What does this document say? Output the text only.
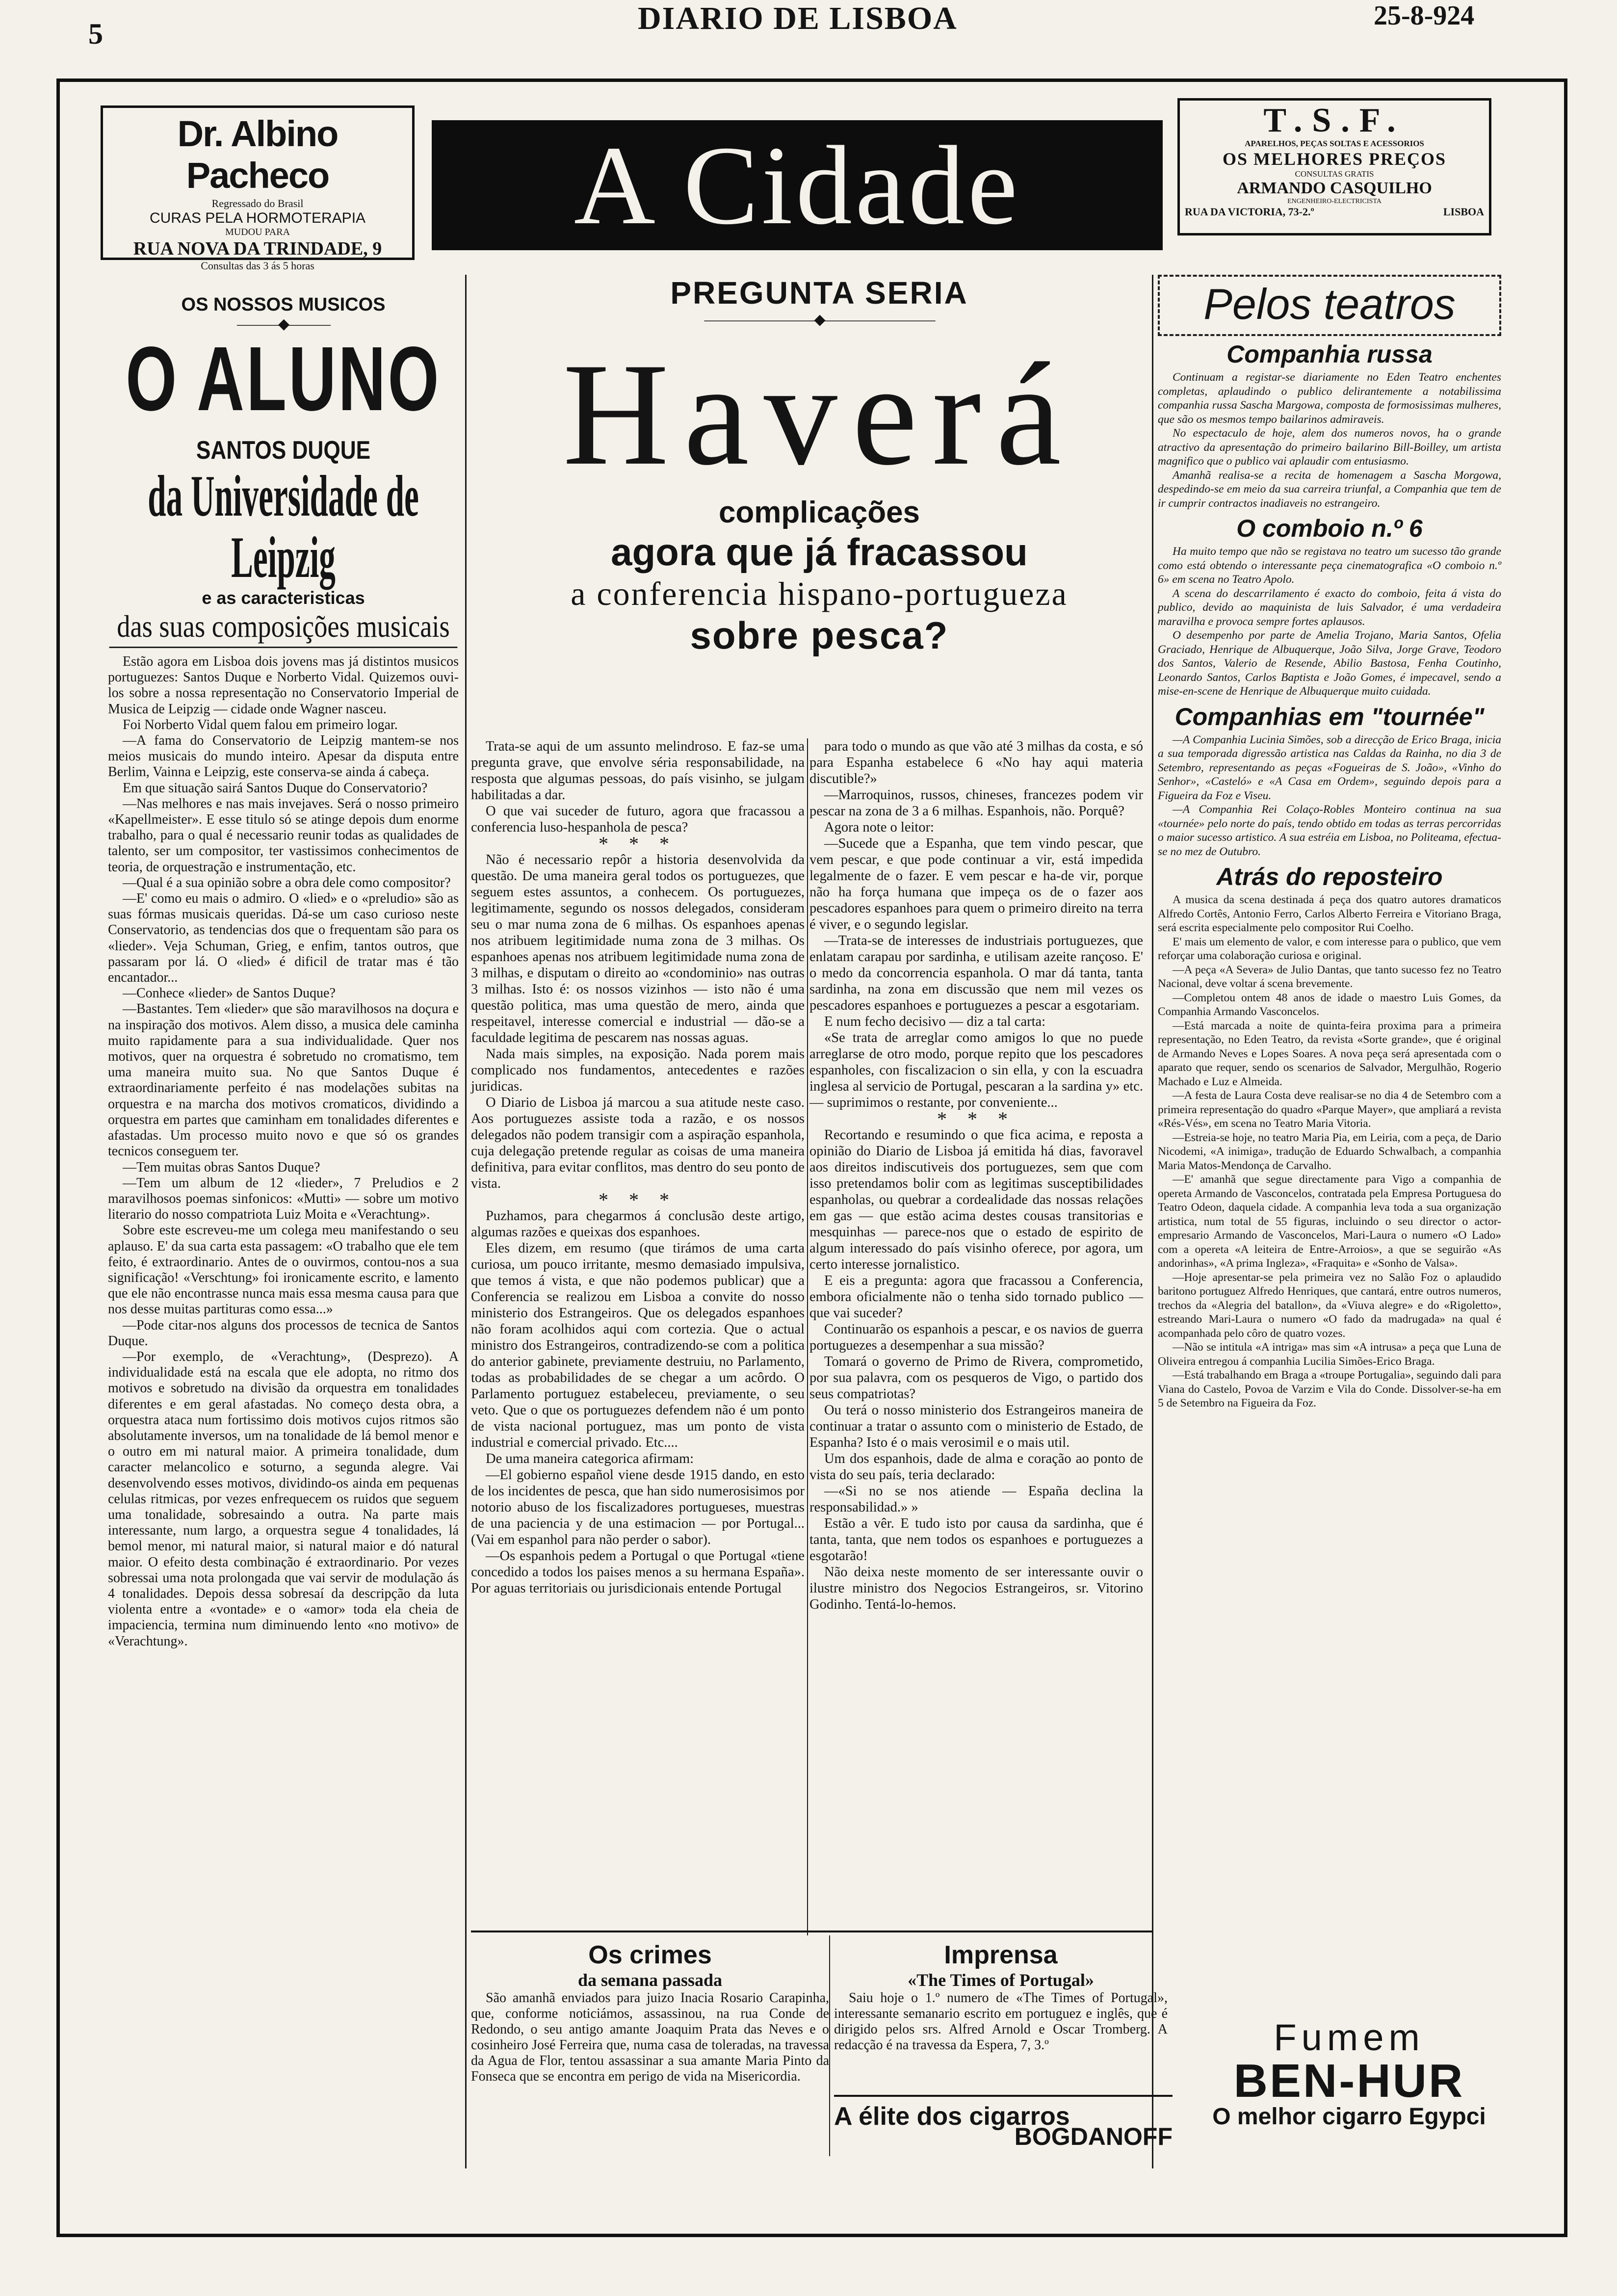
5	DIARIO DE LISBOA	25-8-924
Dr. Albino Pacheco
Regressado do Brasil
CURAS PELA HORMOTERAPIA
MUDOU PARA
RUA NOVA DA TRINDADE, 9
Consultas das 3 ás 5 horas
A Cidade
T.S.F.
APARELHOS, PEÇAS SOLTAS E ACESSORIOS
OS MELHORES PREÇOS
CONSULTAS GRATIS
ARMANDO CASQUILHO
ENGENHEIRO-ELECTRICISTA
RUA DA VICTORIA, 73-2.º	LISBOA
OS NOSSOS MUSICOS
———◆———
O ALUNO
SANTOS DUQUE
da Universidade de Leipzig
e as caracteristicas
das suas composições musicais

Estão agora em Lisboa dois jovens mas já distintos musicos portuguezes: Santos Duque e Norberto Vidal. Quizemos ouvi-los sobre a nossa representação no Conservatorio Imperial de Musica de Leipzig — cidade onde Wagner nasceu.

Foi Norberto Vidal quem falou em primeiro logar.

—A fama do Conservatorio de Leipzig mantem-se nos meios musicais do mundo inteiro. Apesar da disputa entre Berlim, Vainna e Leipzig, este conserva-se ainda á cabeça.

Em que situação sairá Santos Duque do Conservatorio?

—Nas melhores e nas mais invejaves. Será o nosso primeiro «Kapellmeister». E esse titulo só se atinge depois dum enorme trabalho, para o qual é necessario reunir todas as qualidades de talento, ser um compositor, ter vastissimos conhecimentos de teoria, de orquestração e instrumentação, etc.

—Qual é a sua opinião sobre a obra dele como compositor?

—E' como eu mais o admiro. O «lied» e o «preludio» são as suas fórmas musicais queridas. Dá-se um caso curioso neste Conservatorio, as tendencias dos que o frequentam são para os «lieder». Veja Schuman, Grieg, e enfim, tantos outros, que passaram por lá. O «lied» é dificil de tratar mas é tão encantador...

—Conhece «lieder» de Santos Duque?

—Bastantes. Tem «lieder» que são maravilhosos na doçura e na inspiração dos motivos. Alem disso, a musica dele caminha muito rapidamente para a sua individualidade. Quer nos motivos, quer na orquestra é sobretudo no cromatismo, tem uma maneira muito sua. No que Santos Duque é extraordinariamente perfeito é nas modelações subitas na orquestra e na marcha dos motivos cromaticos, dividindo a orquestra em partes que caminham em tonalidades diferentes e afastadas. Um processo muito novo e que só os grandes tecnicos conseguem ter.

—Tem muitas obras Santos Duque?

—Tem um album de 12 «lieder», 7 Preludios e 2 maravilhosos poemas sinfonicos: «Mutti» — sobre um motivo literario do nosso compatriota Luiz Moita e «Verachtung».

Sobre este escreveu-me um colega meu manifestando o seu aplauso. E' da sua carta esta passagem: «O trabalho que ele tem feito, é extraordinario. Antes de o ouvirmos, contou-nos a sua significação! «Verschtung» foi ironicamente escrito, e lamento que ele não encontrasse nunca mais essa mesma causa para que nos desse muitas partituras como essa...»

—Pode citar-nos alguns dos processos de tecnica de Santos Duque.

—Por exemplo, de «Verachtung», (Desprezo). A individualidade está na escala que ele adopta, no ritmo dos motivos e sobretudo na divisão da orquestra em tonalidades diferentes e em geral afastadas. No começo desta obra, a orquestra ataca num fortissimo dois motivos cujos ritmos são absolutamente inversos, um na tonalidade de lá bemol menor e o outro em mi natural maior. A primeira tonalidade, dum caracter melancolico e soturno, a segunda alegre. Vai desenvolvendo esses motivos, dividindo-os ainda em pequenas celulas ritmicas, por vezes enfrequecem os ruidos que seguem uma tonalidade, sobresaindo a outra. Na parte mais interessante, num largo, a orquestra segue 4 tonalidades, lá bemol menor, mi natural maior, si natural maior e dó natural maior. O efeito desta combinação é extraordinario. Por vezes sobressai uma nota prolongada que vai servir de modulação ás 4 tonalidades. Depois dessa sobresaí da descripção da luta violenta entre a «vontade» e o «amor» toda ela cheia de impaciencia, termina num diminuendo lento «no motivo» de «Verachtung».

PREGUNTA SERIA
————————◆————————
Haverá
complicações
agora que já fracassou
a conferencia hispano-portugueza
sobre pesca?

Trata-se aqui de um assunto melindroso. E faz-se uma pregunta grave, que envolve séria responsabilidade, na resposta que algumas pessoas, do país visinho, se julgam habilitadas a dar.

O que vai suceder de futuro, agora que fracassou a conferencia luso-hespanhola de pesca?

* * *

Não é necessario repôr a historia desenvolvida da questão. De uma maneira geral todos os portuguezes, que seguem estes assuntos, a conhecem. Os portuguezes, legitimamente, segundo os nossos delegados, consideram seu o mar numa zona de 6 milhas. Os espanhoes apenas nos atribuem legitimidade numa zona de 3 milhas. Os espanhoes apenas nos atribuem legitimidade numa zona de 3 milhas, e disputam o direito ao «condominio» nas outras 3 milhas. Isto é: os nossos vizinhos — isto não é uma questão politica, mas uma questão de mero, ainda que respeitavel, interesse comercial e industrial — dão-se a faculdade legitima de pescarem nas nossas aguas.

Nada mais simples, na exposição. Nada porem mais complicado nos fundamentos, antecedentes e razões juridicas.

O Diario de Lisboa já marcou a sua atitude neste caso. Aos portuguezes assiste toda a razão, e os nossos delegados não podem transigir com a aspiração espanhola, cuja delegação pretende regular as coisas de uma maneira definitiva, para evitar conflitos, mas dentro do seu ponto de vista.

* * *

Puzhamos, para chegarmos á conclusão deste artigo, algumas razões e queixas dos espanhoes.

Eles dizem, em resumo (que tirámos de uma carta curiosa, um pouco irritante, mesmo demasiado impulsiva, que temos á vista, e que não podemos publicar) que a Conferencia se realizou em Lisboa a convite do nosso ministerio dos Estrangeiros. Que os delegados espanhoes não foram acolhidos aqui com cortezia. Que o actual ministro dos Estrangeiros, contradizendo-se com a politica do anterior gabinete, previamente destruiu, no Parlamento, todas as probabilidades de se chegar a um acôrdo. O Parlamento portuguez estabeleceu, previamente, o seu veto. Que o que os portuguezes defendem não é um ponto de vista nacional portuguez, mas um ponto de vista industrial e comercial privado. Etc....

De uma maneira categorica afirmam:

—El gobierno español viene desde 1915 dando, en esto de los incidentes de pesca, que han sido numerosisimos por notorio abuso de los fiscalizadores portugueses, muestras de una paciencia y de una estimacion — por Portugal... (Vai em espanhol para não perder o sabor).

—Os espanhois pedem a Portugal o que Portugal «tiene concedido a todos los paises menos a su hermana España». Por aguas territoriais ou jurisdicionais entende Portugal

para todo o mundo as que vão até 3 milhas da costa, e só para Espanha estabelece 6 «No hay aqui materia discutible?»

—Marroquinos, russos, chineses, francezes podem vir pescar na zona de 3 a 6 milhas. Espanhois, não. Porquê?

Agora note o leitor:

—Sucede que a Espanha, que tem vindo pescar, que vem pescar, e que pode continuar a vir, está impedida legalmente de o fazer. E vem pescar e ha-de vir, porque não ha força humana que impeça os de o fazer aos pescadores espanhoes para quem o primeiro direito na terra é viver, e o segundo legislar.

—Trata-se de interesses de industriais portuguezes, que enlatam carapau por sardinha, e utilisam azeite rançoso. E' o medo da concorrencia espanhola. O mar dá tanta, tanta sardinha, na zona em discussão que nem mil vezes os pescadores espanhoes e portuguezes a pescar a esgotariam.

E num fecho decisivo — diz a tal carta:

«Se trata de arreglar como amigos lo que no puede arreglarse de otro modo, porque repito que los pescadores espanholes, con fiscalizacion o sin ella, y con la escuadra inglesa al servicio de Portugal, pescaran a la sardina y» etc. — suprimimos o restante, por conveniente...

* * *

Recortando e resumindo o que fica acima, e reposta a opinião do Diario de Lisboa já emitida há dias, favoravel aos direitos indiscutiveis dos portuguezes, sem que com isso pretendamos bolir com as legitimas susceptibilidades espanholas, ou quebrar a cordealidade das nossas relações em gas — que estão acima destes cousas transitorias e mesquinhas — parece-nos que o estado de espirito de algum interessado do país visinho oferece, por agora, um certo interesse jornalistico.

E eis a pregunta: agora que fracassou a Conferencia, embora oficialmente não o tenha sido tornado publico — que vai suceder?

Continuarão os espanhois a pescar, e os navios de guerra portuguezes a desempenhar a sua missão?

Tomará o governo de Primo de Rivera, comprometido, por sua palavra, com os pesqueros de Vigo, o partido dos seus compatriotas?

Ou terá o nosso ministerio dos Estrangeiros maneira de continuar a tratar o assunto com o ministerio de Estado, de Espanha? Isto é o mais verosimil e o mais util.

Um dos espanhois, dade de alma e coração ao ponto de vista do seu país, teria declarado:

—«Si no se nos atiende — España declina la responsabilidad.» »

Estão a vêr. E tudo isto por causa da sardinha, que é tanta, tanta, que nem todos os espanhoes e portuguezes a esgotarão!

Não deixa neste momento de ser interessante ouvir o ilustre ministro dos Negocios Estrangeiros, sr. Vitorino Godinho. Tentá-lo-hemos.

Os crimes
da semana passada

São amanhã enviados para juizo Inacia Rosario Carapinha, que, conforme noticiámos, assassinou, na rua Conde de Redondo, o seu antigo amante Joaquim Prata das Neves e o cosinheiro José Ferreira que, numa casa de toleradas, na travessa da Agua de Flor, tentou assassinar a sua amante Maria Pinto da Fonseca que se encontra em perigo de vida na Misericordia.

Imprensa
«The Times of Portugal»

Saiu hoje o 1.º numero de «The Times of Portugal», interessante semanario escrito em portuguez e inglês, que é dirigido pelos srs. Alfred Arnold e Oscar Tromberg. A redacção é na travessa da Espera, 7, 3.º

A élite dos cigarros
BOGDANOFF
Pelos teatros
Companhia russa

Continuam a registar-se diariamente no Eden Teatro enchentes completas, aplaudindo o publico delirantemente a notabilissima companhia russa Sascha Margowa, composta de formosissimas mulheres, que são os mesmos tempo bailarinos admiraveis.

No espectaculo de hoje, alem dos numeros novos, ha o grande atractivo da apresentação do primeiro bailarino Bill-Boilley, um artista magnifico que o publico vai aplaudir com entusiasmo.

Amanhã realisa-se a recita de homenagem a Sascha Morgowa, despedindo-se em meio da sua carreira triunfal, a Companhia que tem de ir cumprir contractos inadiaveis no estrangeiro.

O comboio n.º 6

Ha muito tempo que não se registava no teatro um sucesso tão grande como está obtendo o interessante peça cinematografica «O comboio n.º 6» em scena no Teatro Apolo.

A scena do descarrilamento é exacto do comboio, feita á vista do publico, devido ao maquinista de luis Salvador, é uma verdadeira maravilha e provoca sempre fortes aplausos.

O desempenho por parte de Amelia Trojano, Maria Santos, Ofelia Graciado, Henrique de Albuquerque, João Silva, Jorge Grave, Teodoro dos Santos, Valerio de Resende, Abilio Bastosa, Fenha Coutinho, Leonardo Santos, Carlos Baptista e João Gomes, é impecavel, sendo a mise-en-scene de Henrique de Albuquerque muito cuidada.

Companhias em "tournée"

—A Companhia Lucinia Simões, sob a direcção de Erico Braga, inicia a sua temporada digressão artistica nas Caldas da Rainha, no dia 3 de Setembro, representando as peças «Fogueiras de S. João», «Vinho do Senhor», «Casteló» e «A Casa em Ordem», seguindo depois para a Figueira da Foz e Viseu.

—A Companhia Rei Colaço-Robles Monteiro continua na sua «tournée» pelo norte do país, tendo obtido em todas as terras percorridas o maior sucesso artistico. A sua estréia em Lisboa, no Politeama, efectua-se no mez de Outubro.

Atrás do reposteiro

A musica da scena destinada á peça dos quatro autores dramaticos Alfredo Cortês, Antonio Ferro, Carlos Alberto Ferreira e Vitoriano Braga, será escrita especialmente pelo compositor Rui Coelho.

E' mais um elemento de valor, e com interesse para o publico, que vem reforçar uma colaboração curiosa e original.

—A peça «A Severa» de Julio Dantas, que tanto sucesso fez no Teatro Nacional, deve voltar á scena brevemente.

—Completou ontem 48 anos de idade o maestro Luis Gomes, da Companhia Armando Vasconcelos.

—Está marcada a noite de quinta-feira proxima para a primeira representação, no Eden Teatro, da revista «Sorte grande», que é original de Armando Neves e Lopes Soares. A nova peça será apresentada com o aparato que requer, sendo os scenarios de Salvador, Mergulhão, Rogerio Machado e Luz e Almeida.

—A festa de Laura Costa deve realisar-se no dia 4 de Setembro com a primeira representação do quadro «Parque Mayer», que ampliará a revista «Rés-Vés», em scena no Teatro Maria Vitoria.

—Estreia-se hoje, no teatro Maria Pia, em Leiria, com a peça, de Dario Nicodemi, «A inimiga», tradução de Eduardo Schwalbach, a companhia Maria Matos-Mendonça de Carvalho.

—E' amanhã que segue directamente para Vigo a companhia de opereta Armando de Vasconcelos, contratada pela Empresa Portuguesa do Teatro Odeon, daquela cidade. A companhia leva toda a sua organização artistica, num total de 55 figuras, incluindo o seu director o actor-empresario Armando de Vasconcelos, Mari-Laura o numero «O Lado» com a opereta «A leiteira de Entre-Arroios», a que se seguirão «As andorinhas», «A prima Ingleza», «Fraquita» e «Sonho de Valsa».

—Hoje apresentar-se pela primeira vez no Salão Foz o aplaudido baritono portuguez Alfredo Henriques, que cantará, entre outros numeros, trechos da «Alegria del batallon», da «Viuva alegre» e do «Rigoletto», estreando Mari-Laura o numero «O fado da madrugada» na qual é acompanhada pelo côro de quatro vozes.

—Não se intitula «A intriga» mas sim «A intrusa» a peça que Luna de Oliveira entregou á companhia Lucilia Simões-Erico Braga.

—Está trabalhando em Braga a «troupe Portugalia», seguindo dali para Viana do Castelo, Povoa de Varzim e Vila do Conde. Dissolver-se-ha em 5 de Setembro na Figueira da Foz.

Fumem
BEN-HUR
O melhor cigarro Egypci
